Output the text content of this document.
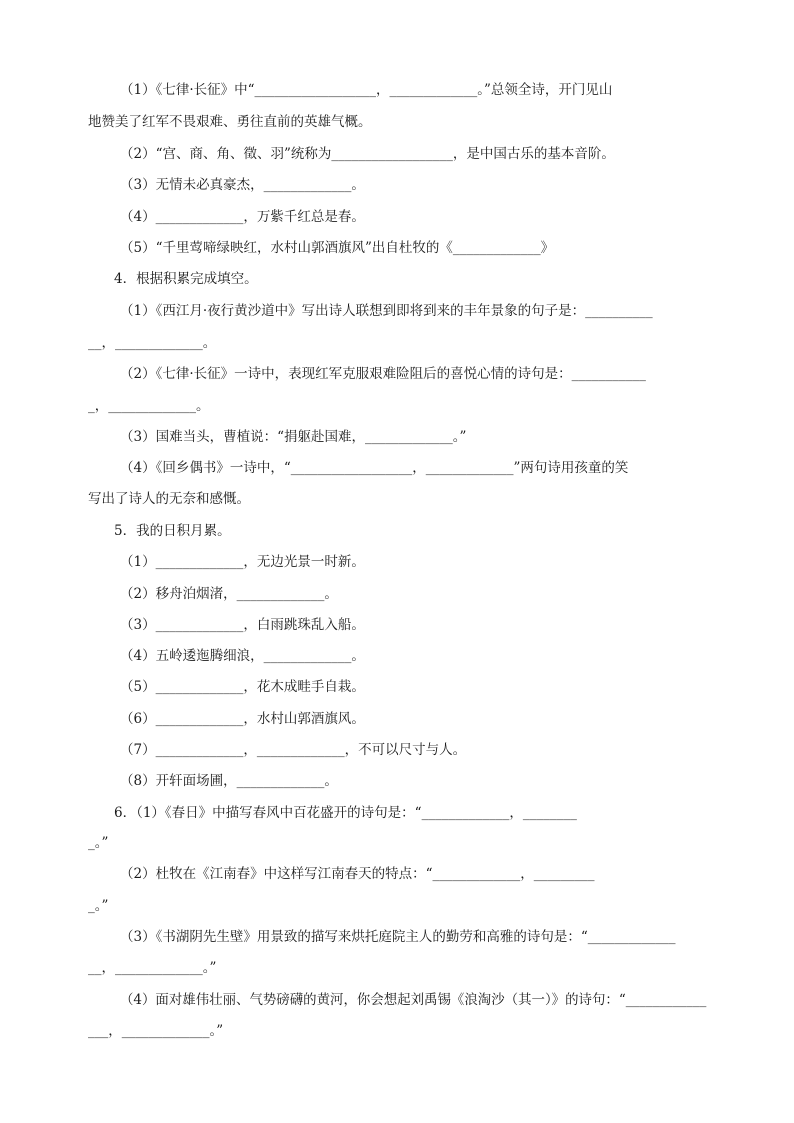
（1）《七律·长征》中“__________________，_____________。”总领全诗，开门见山
地赞美了红军不畏艰难、勇往直前的英雄气概。
（2）“宫、商、角、徵、羽”统称为__________________，是中国古乐的基本音阶。
（3）无情未必真豪杰，_____________。
（4）_____________，万紫千红总是春。
（5）“千里莺啼绿映红，水村山郭酒旗风”出自杜牧的《_____________》
4．根据积累完成填空。
（1）《西江月·夜行黄沙道中》写出诗人联想到即将到来的丰年景象的句子是：__________
__，_____________。
（2）《七律·长征》一诗中，表现红军克服艰难险阻后的喜悦心情的诗句是：___________
_，_____________。
（3）国难当头，曹植说：“捐躯赴国难，_____________。”
（4）《回乡偶书》一诗中，“__________________，_____________”两句诗用孩童的笑
写出了诗人的无奈和感慨。
5．我的日积月累。
（1）_____________，无边光景一时新。
（2）移舟泊烟渚，_____________。
（3）_____________，白雨跳珠乱入船。
（4）五岭逶迤腾细浪，_____________。
（5）_____________，花木成畦手自栽。
（6）_____________，水村山郭酒旗风。
（7）_____________，_____________，不可以尺寸与人。
（8）开轩面场圃，_____________。
6．（1）《春日》中描写春风中百花盛开的诗句是：“_____________，________
_。”
（2）杜牧在《江南春》中这样写江南春天的特点：“_____________，_________
_。”
（3）《书湖阴先生壁》用景致的描写来烘托庭院主人的勤劳和高雅的诗句是：“_____________
__，_____________。”
（4）面对雄伟壮丽、气势磅礴的黄河，你会想起刘禹锡《浪淘沙（其一）》的诗句：“____________
___，_____________。”
